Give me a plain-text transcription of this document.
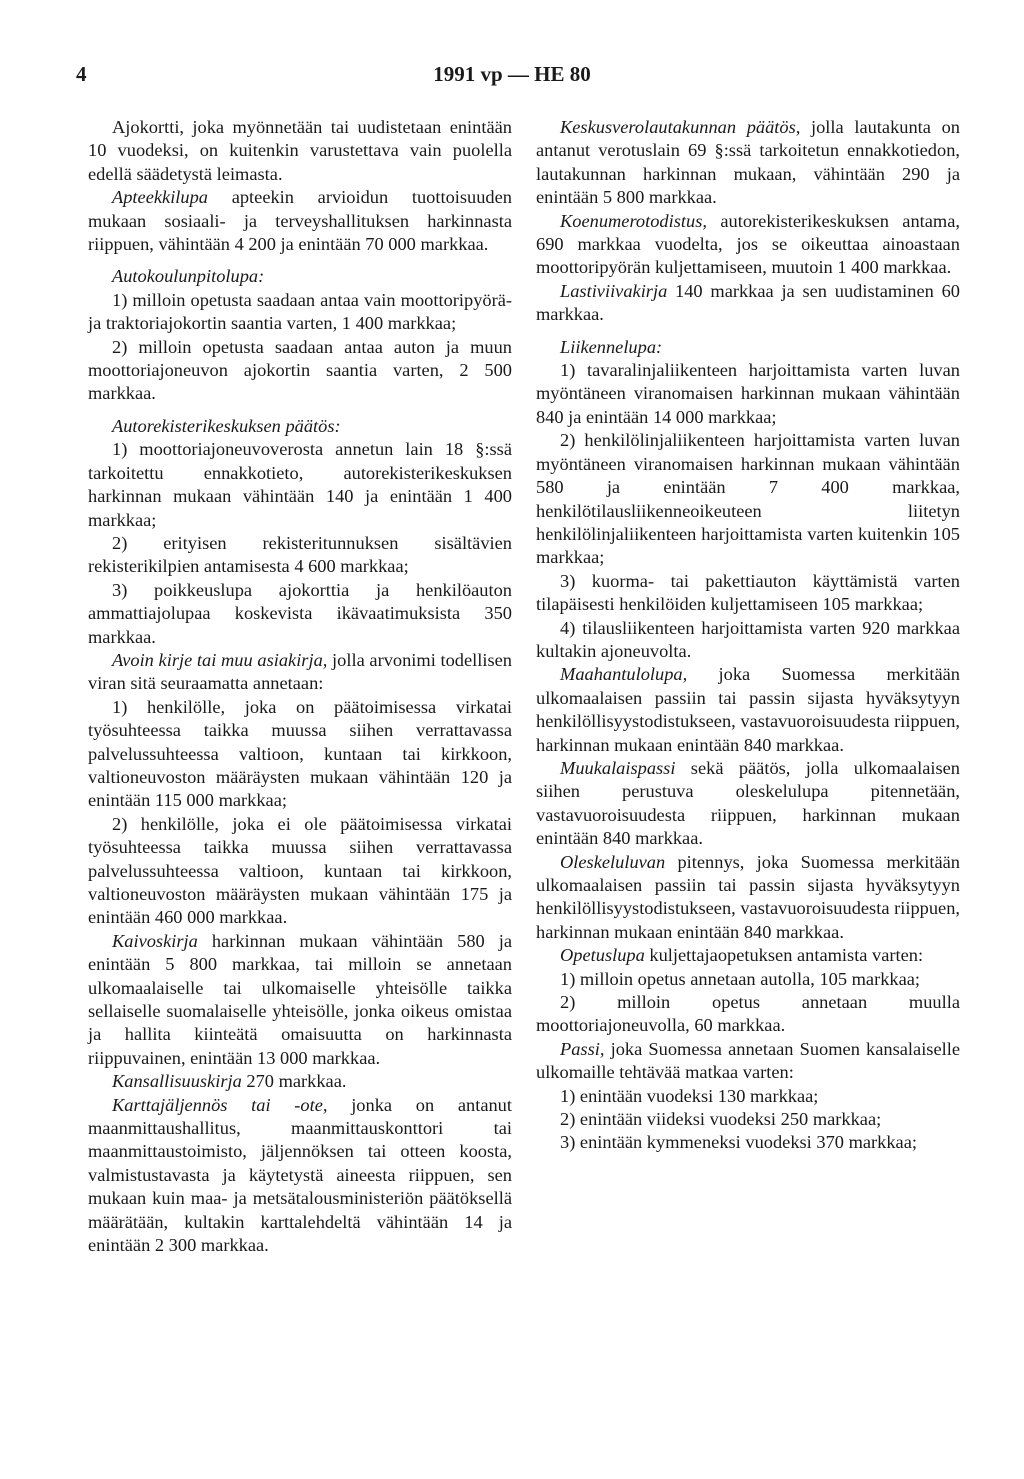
4	1991 vp — HE 80

Ajokortti, joka myönnetään tai uudistetaan enintään 10 vuodeksi, on kuitenkin varustettava vain puolella edellä säädetystä leimasta.

Apteekkilupa apteekin arvioidun tuottoisuuden mukaan sosiaali- ja terveyshallituksen harkinnasta riippuen, vähintään 4 200 ja enintään 70 000 markkaa.

Autokoulunpitolupa:

1) milloin opetusta saadaan antaa vain moottoripyörä- ja traktoriajokortin saantia varten, 1 400 markkaa;

2) milloin opetusta saadaan antaa auton ja muun moottoriajoneuvon ajokortin saantia varten, 2 500 markkaa.

Autorekisterikeskuksen päätös:

1) moottoriajoneuvoverosta annetun lain 18 §:ssä tarkoitettu ennakkotieto, autorekisterikeskuksen harkinnan mukaan vähintään 140 ja enintään 1 400 markkaa;

2) erityisen rekisteritunnuksen sisältävien rekisterikilpien antamisesta 4 600 markkaa;

3) poikkeuslupa ajokorttia ja henkilöauton ammattiajolupaa koskevista ikävaatimuksista 350 markkaa.

Avoin kirje tai muu asiakirja, jolla arvonimi todellisen viran sitä seuraamatta annetaan:

1) henkilölle, joka on päätoimisessa virkatai työsuhteessa taikka muussa siihen verrattavassa palvelussuhteessa valtioon, kuntaan tai kirkkoon, valtioneuvoston määräysten mukaan vähintään 120 ja enintään 115 000 markkaa;

2) henkilölle, joka ei ole päätoimisessa virkatai työsuhteessa taikka muussa siihen verrattavassa palvelussuhteessa valtioon, kuntaan tai kirkkoon, valtioneuvoston määräysten mukaan vähintään 175 ja enintään 460 000 markkaa.

Kaivoskirja harkinnan mukaan vähintään 580 ja enintään 5 800 markkaa, tai milloin se annetaan ulkomaalaiselle tai ulkomaiselle yhteisölle taikka sellaiselle suomalaiselle yhteisölle, jonka oikeus omistaa ja hallita kiinteätä omaisuutta on harkinnasta riippuvainen, enintään 13 000 markkaa.

Kansallisuuskirja 270 markkaa.

Karttajäljennös tai -ote, jonka on antanut maanmittaushallitus, maanmittauskonttori tai maanmittaustoimisto, jäljennöksen tai otteen koosta, valmistustavasta ja käytetystä aineesta riippuen, sen mukaan kuin maa- ja metsätalousministeriön päätöksellä määrätään, kultakin karttalehdeltä vähintään 14 ja enintään 2 300 markkaa.

Keskusverolautakunnan päätös, jolla lautakunta on antanut verotuslain 69 §:ssä tarkoitetun ennakkotiedon, lautakunnan harkinnan mukaan, vähintään 290 ja enintään 5 800 markkaa.

Koenumerotodistus, autorekisterikeskuksen antama, 690 markkaa vuodelta, jos se oikeuttaa ainoastaan moottoripyörän kuljettamiseen, muutoin 1 400 markkaa.

Lastiviivakirja 140 markkaa ja sen uudistaminen 60 markkaa.

Liikennelupa:

1) tavaralinjaliikenteen harjoittamista varten luvan myöntäneen viranomaisen harkinnan mukaan vähintään 840 ja enintään 14 000 markkaa;

2) henkilölinjaliikenteen harjoittamista varten luvan myöntäneen viranomaisen harkinnan mukaan vähintään 580 ja enintään 7 400 markkaa, henkilötilausliikenneoikeuteen liitetyn henkilölinjaliikenteen harjoittamista varten kuitenkin 105 markkaa;

3) kuorma- tai pakettiauton käyttämistä varten tilapäisesti henkilöiden kuljettamiseen 105 markkaa;

4) tilausliikenteen harjoittamista varten 920 markkaa kultakin ajoneuvolta.

Maahantulolupa, joka Suomessa merkitään ulkomaalaisen passiin tai passin sijasta hyväksytyyn henkilöllisyystodistukseen, vastavuoroisuudesta riippuen, harkinnan mukaan enintään 840 markkaa.

Muukalaispassi sekä päätös, jolla ulkomaalaisen siihen perustuva oleskelulupa pitennetään, vastavuoroisuudesta riippuen, harkinnan mukaan enintään 840 markkaa.

Oleskeluluvan pitennys, joka Suomessa merkitään ulkomaalaisen passiin tai passin sijasta hyväksytyyn henkilöllisyystodistukseen, vastavuoroisuudesta riippuen, harkinnan mukaan enintään 840 markkaa.

Opetuslupa kuljettajaopetuksen antamista varten:

1) milloin opetus annetaan autolla, 105 markkaa;

2) milloin opetus annetaan muulla moottoriajoneuvolla, 60 markkaa.

Passi, joka Suomessa annetaan Suomen kansalaiselle ulkomaille tehtävää matkaa varten:

1) enintään vuodeksi 130 markkaa;

2) enintään viideksi vuodeksi 250 markkaa;

3) enintään kymmeneksi vuodeksi 370 markkaa;
